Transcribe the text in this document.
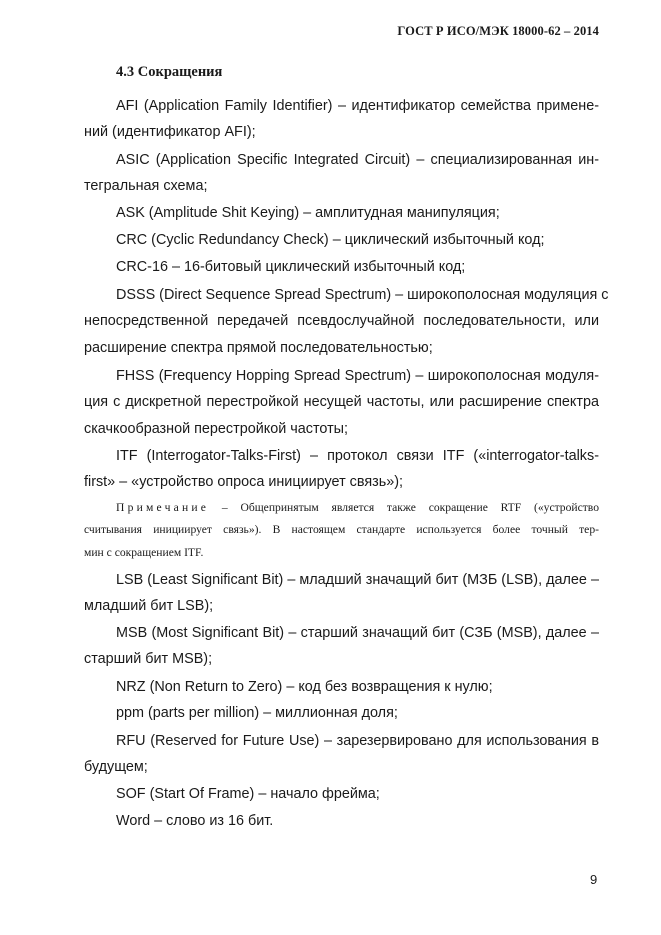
ГОСТ Р ИСО/МЭК 18000-62 – 2014
4.3 Сокращения
AFI (Application Family Identifier) – идентификатор семейства примене-
ний (идентификатор AFI);
ASIC (Application Specific Integrated Circuit) – специализированная ин-
тегральная схема;
ASK (Amplitude Shit Keying) – амплитудная манипуляция;
CRC (Cyclic Redundancy Check) – циклический избыточный код;
CRC-16 – 16-битовый циклический избыточный код;
DSSS (Direct Sequence Spread Spectrum) – широкополосная модуляция с
непосредственной передачей псевдослучайной последовательности, или
расширение спектра прямой последовательностью;
FHSS (Frequency Hopping Spread Spectrum) – широкополосная модуля-
ция с дискретной перестройкой несущей частоты, или расширение спектра
скачкообразной перестройкой частоты;
ITF (Interrogator-Talks-First) – протокол связи ITF («interrogator-talks-
first» – «устройство опроса инициирует связь»);
Примечание – Общепринятым является также сокращение RTF («устройство
считывания инициирует связь»). В настоящем стандарте используется более точный тер-
мин с сокращением ITF.
LSB (Least Significant Bit) – младший значащий бит (МЗБ (LSB), далее –
младший бит LSB);
MSB (Most Significant Bit) – старший значащий бит (СЗБ (MSB), далее –
старший бит MSB);
NRZ (Non Return to Zero) – код без возвращения к нулю;
ppm (parts per million) – миллионная доля;
RFU (Reserved for Future Use) – зарезервировано для использования в
будущем;
SOF (Start Of Frame) – начало фрейма;
Word – слово из 16 бит.
9
